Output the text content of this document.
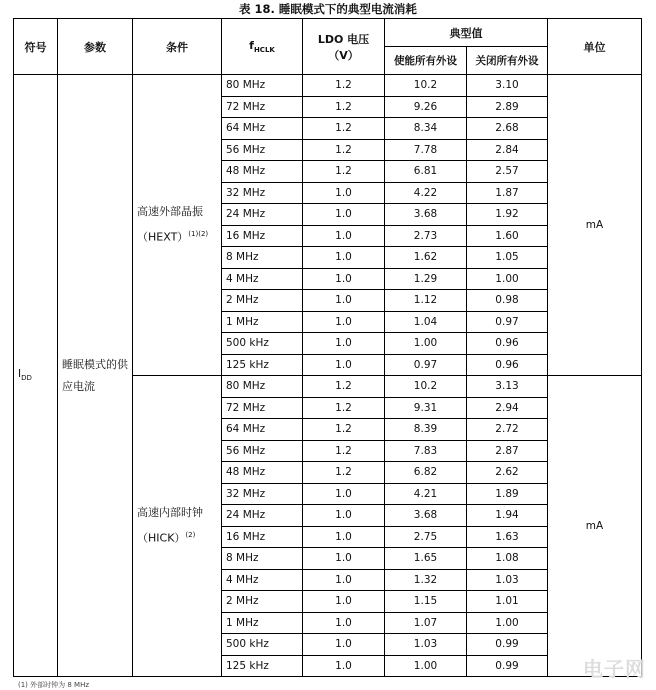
表 18. 睡眠模式下的典型电流消耗
符号	参数	条件	$f_{HCLK}$	LDO 电压
（V）	典型值		单位
					使能所有外设	关闭所有外设	
$I_{DD}$	睡眠模式的供应电流	高速外部晶振（HEXT）$^{(1)(2)}$	80 MHz	1.2	10.2	3.10	mA
			72 MHz	1.2	9.26	2.89	
			64 MHz	1.2	8.34	2.68	
			56 MHz	1.2	7.78	2.84	
			48 MHz	1.2	6.81	2.57	
			32 MHz	1.0	4.22	1.87	
			24 MHz	1.0	3.68	1.92	
			16 MHz	1.0	2.73	1.60	
			8 MHz	1.0	1.62	1.05	
			4 MHz	1.0	1.29	1.00	
			2 MHz	1.0	1.12	0.98	
			1 MHz	1.0	1.04	0.97	
			500 kHz	1.0	1.00	0.96	
			125 kHz	1.0	0.97	0.96	
		高速内部时钟（HICK）$^{(2)}$	80 MHz	1.2	10.2	3.13	mA
			72 MHz	1.2	9.31	2.94	
			64 MHz	1.2	8.39	2.72	
			56 MHz	1.2	7.83	2.87	
			48 MHz	1.2	6.82	2.62	
			32 MHz	1.0	4.21	1.89	
			24 MHz	1.0	3.68	1.94	
			16 MHz	1.0	2.75	1.63	
			8 MHz	1.0	1.65	1.08	
			4 MHz	1.0	1.32	1.03	
			2 MHz	1.0	1.15	1.01	
			1 MHz	1.0	1.07	1.00	
			500 kHz	1.0	1.03	0.99	
			125 kHz	1.0	1.00	0.99	
(1) 外部时钟为 8 MHz
电子网
